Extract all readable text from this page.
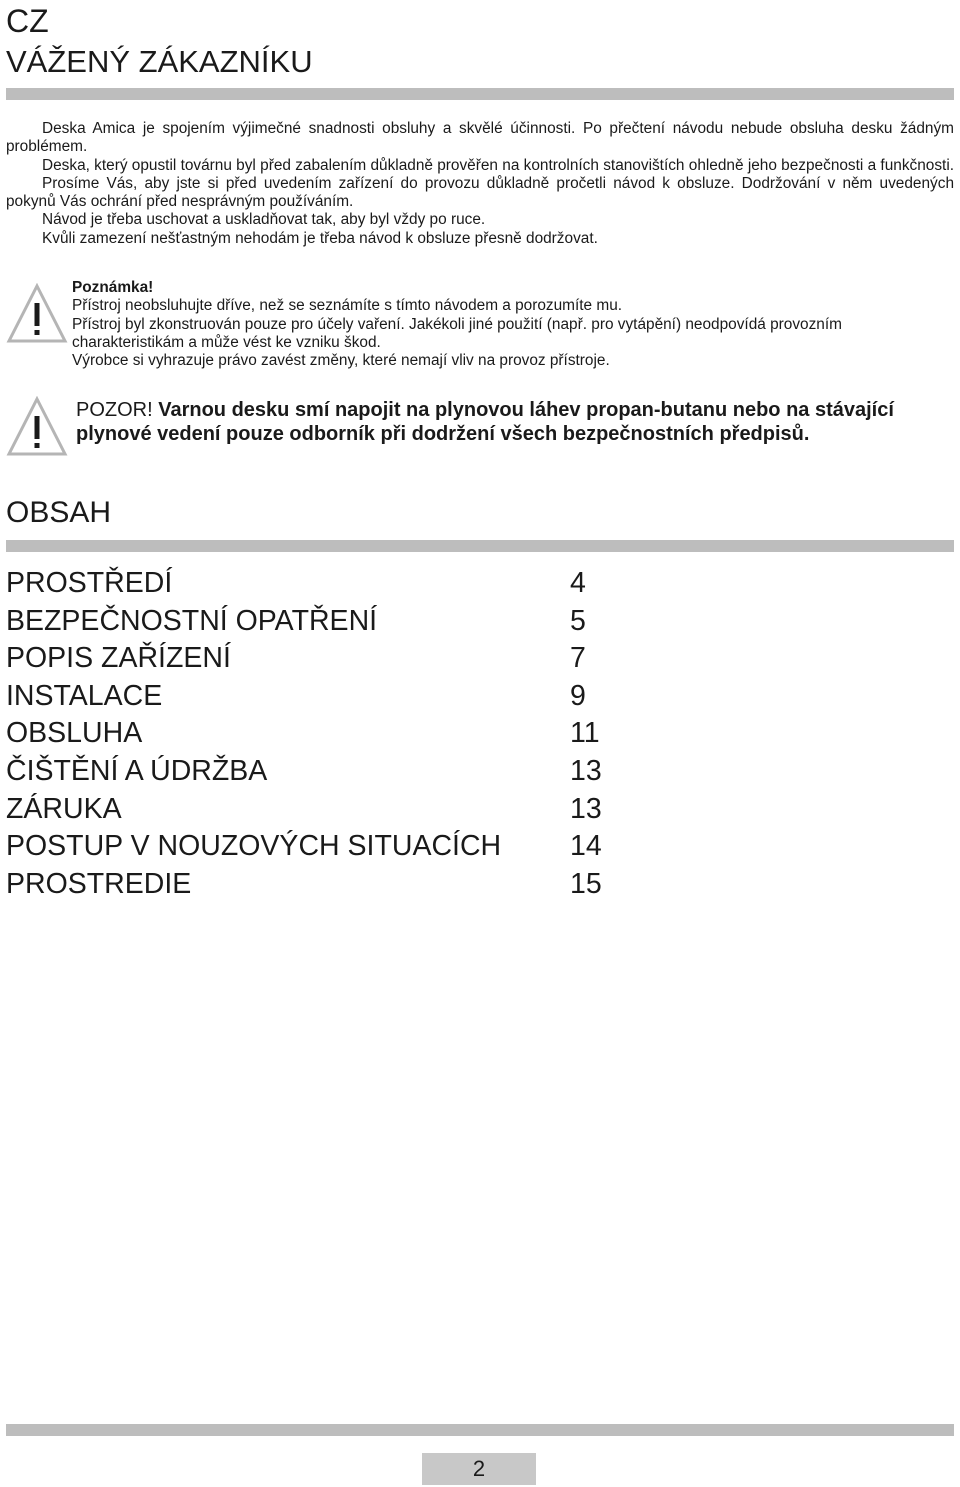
CZ
VÁŽENÝ ZÁKAZNÍKU

Deska Amica je spojením výjimečné snadnosti obsluhy a skvělé účinnosti. Po přečtení návodu nebude obsluha desku žádným problémem.

Deska, který opustil továrnu byl před zabalením důkladně prověřen na kontrolních stanovištích ohledně jeho bezpečnosti a funkčnosti.

Prosíme Vás, aby jste si před uvedením zařízení do provozu důkladně pročetli návod k obsluze. Dodržování v něm uvedených pokynů Vás ochrání před nesprávným používáním.

Návod je třeba uschovat a uskladňovat tak, aby byl vždy po ruce.

Kvůli zamezení nešťastným nehodám je třeba návod k obsluze přesně dodržovat.

Poznámka!

Přístroj neobsluhujte dříve, než se seznámíte s tímto návodem a porozumíte mu.

Přístroj byl zkonstruován pouze pro účely vaření. Jakékoli jiné použití (např. pro vytápění) neodpovídá provozním charakteristikám a může vést ke vzniku škod.

Výrobce si vyhrazuje právo zavést změny, které nemají vliv na provoz přístroje.

POZOR! Varnou desku smí napojit na plynovou láhev propan-butanu nebo na stávající plynové vedení pouze odborník při dodržení všech bezpečnostních předpisů.
OBSAH
PROSTŘEDÍ	4
BEZPEČNOSTNÍ OPATŘENÍ	5
POPIS ZAŘÍZENÍ	7
INSTALACE	9
OBSLUHA	11
ČIŠTĚNÍ A ÚDRŽBA	13
ZÁRUKA	13
POSTUP V NOUZOVÝCH SITUACÍCH 14
PROSTREDIE	15
2
